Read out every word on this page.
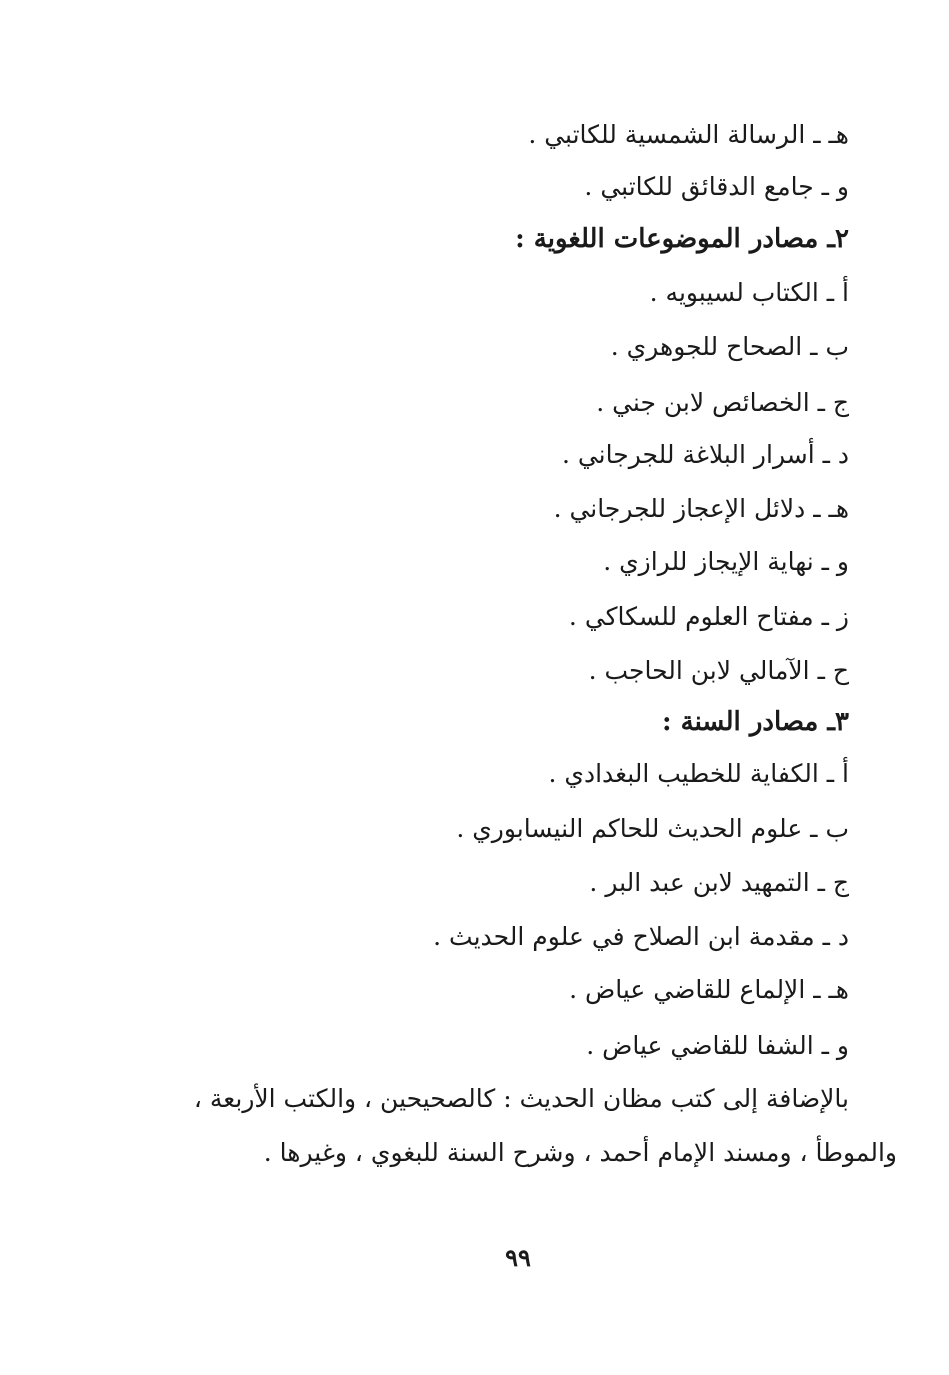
هـ ـ الرسالة الشمسية للكاتبي .
و ـ جامع الدقائق للكاتبي .
٢ـ مصادر الموضوعات اللغوية :
أ ـ الكتاب لسيبويه .
ب ـ الصحاح للجوهري .
ج ـ الخصائص لابن جني .
د ـ أسرار البلاغة للجرجاني .
هـ ـ دلائل الإعجاز للجرجاني .
و ـ نهاية الإيجاز للرازي .
ز ـ مفتاح العلوم للسكاكي .
ح ـ الآمالي لابن الحاجب .
٣ـ مصادر السنة :
أ ـ الكفاية للخطيب البغدادي .
ب ـ علوم الحديث للحاكم النيسابوري .
ج ـ التمهيد لابن عبد البر .
د ـ مقدمة ابن الصلاح في علوم الحديث .
هـ ـ الإلماع للقاضي عياض .
و ـ الشفا للقاضي عياض .
بالإضافة إلى كتب مظان الحديث : كالصحيحين ، والكتب الأربعة ،
والموطأ ، ومسند الإمام أحمد ، وشرح السنة للبغوي ، وغيرها .
٩٩
